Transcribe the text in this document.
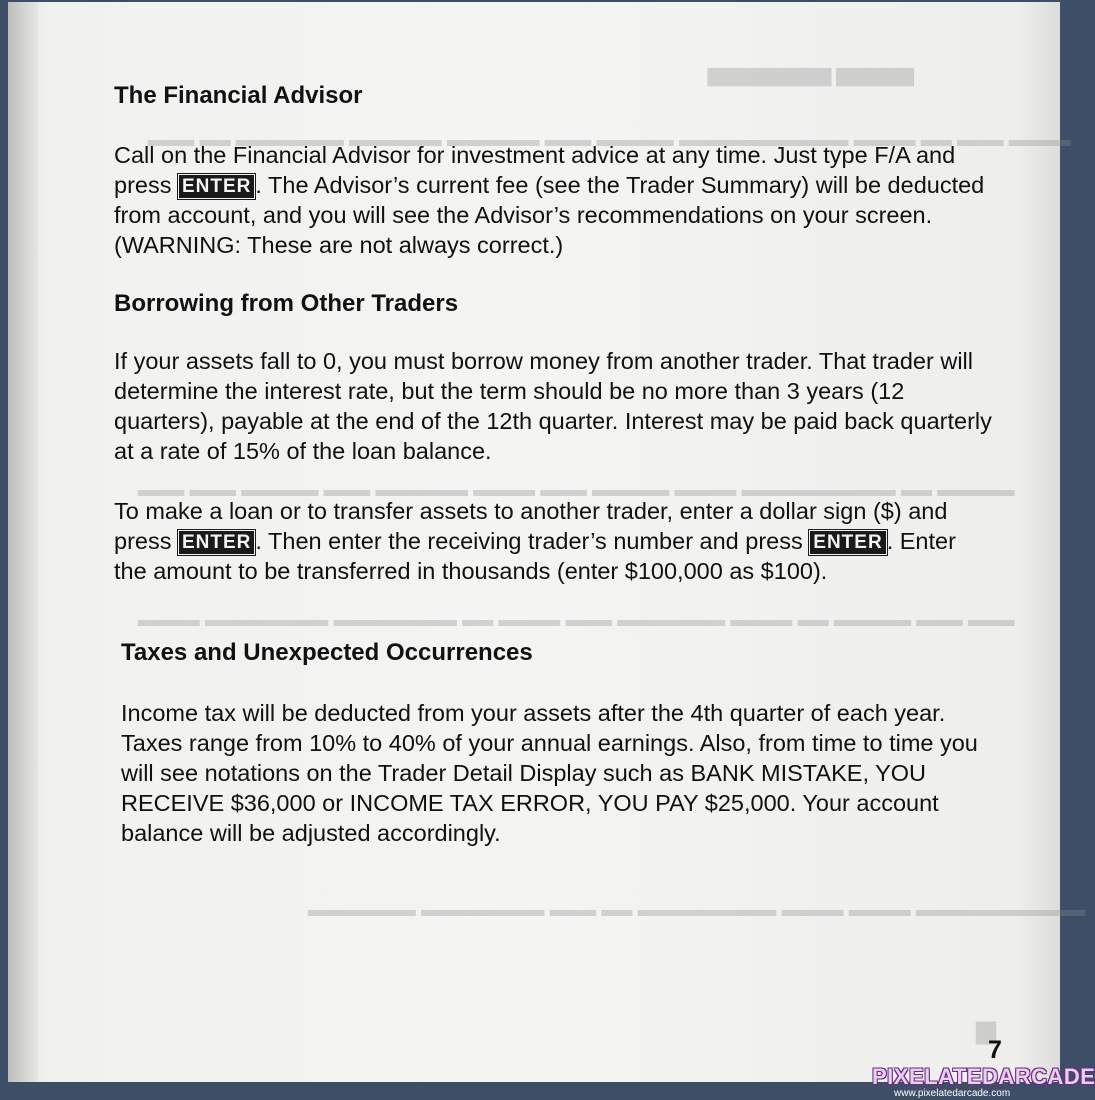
▆▆▆▆▆ ▆▆▆▆▆▆▆▆
▂▂▂▂ ▂▂▂ ▂▂ ▂▂▂▂ ▂▂▂▂▂▂▂▂▂▂▂ ▂▂▂▂▂ ▂▂▂ ▂▂▂▂▂▂ ▂▂▂▂▂▂ ▂▂▂▂▂▂▂ ▂▂ ▂▂▂
▂▂▂▂▂ ▂▂ ▂▂▂▂▂▂▂▂▂▂ ▂▂▂▂ ▂▂▂▂▂ ▂▂▂ ▂▂▂▂ ▂▂▂▂▂▂ ▂▂▂ ▂▂▂▂▂ ▂▂▂ ▂▂▂
▂▂▂ ▂▂▂ ▂▂▂▂▂ ▂▂ ▂▂▂▂ ▂▂▂▂▂▂▂ ▂▂▂ ▂▂▂▂ ▂▂ ▂▂▂▂▂▂▂▂ ▂▂▂▂▂▂▂▂ ▂▂▂▂
▂▂▂▂▂▂▂▂▂▂▂ ▂▂▂▂ ▂▂▂▂ ▂▂▂▂▂▂▂▂▂ ▂▂ ▂▂▂ ▂▂▂▂▂▂▂▂ ▂▂▂▂▂▂▂
▆
The Financial Advisor

Call on the Financial Advisor for investment advice at any time. Just type F/A and press ENTER . The Advisor’s current fee (see the Trader Summary) will be deducted from account, and you will see the Advisor’s recommendations on your screen. (WARNING: These are not always correct.)

Borrowing from Other Traders

If your assets fall to 0, you must borrow money from another trader. That trader will determine the interest rate, but the term should be no more than 3 years (12 quarters), payable at the end of the 12th quarter. Interest may be paid back quarterly at a rate of 15% of the loan balance.

To make a loan or to transfer assets to another trader, enter a dollar sign ($) and press ENTER . Then enter the receiving trader’s number and press ENTER . Enter the amount to be transferred in thousands (enter $100,000 as $100).

Taxes and Unexpected Occurrences

Income tax will be deducted from your assets after the 4th quarter of each year. Taxes range from 10% to 40% of your annual earnings. Also, from time to time you will see notations on the Trader Detail Display such as BANK MISTAKE, YOU RECEIVE $36,000 or INCOME TAX ERROR, YOU PAY $25,000. Your account balance will be adjusted accordingly.

7
PIXELATEDARCADE
www.pixelatedarcade.com
